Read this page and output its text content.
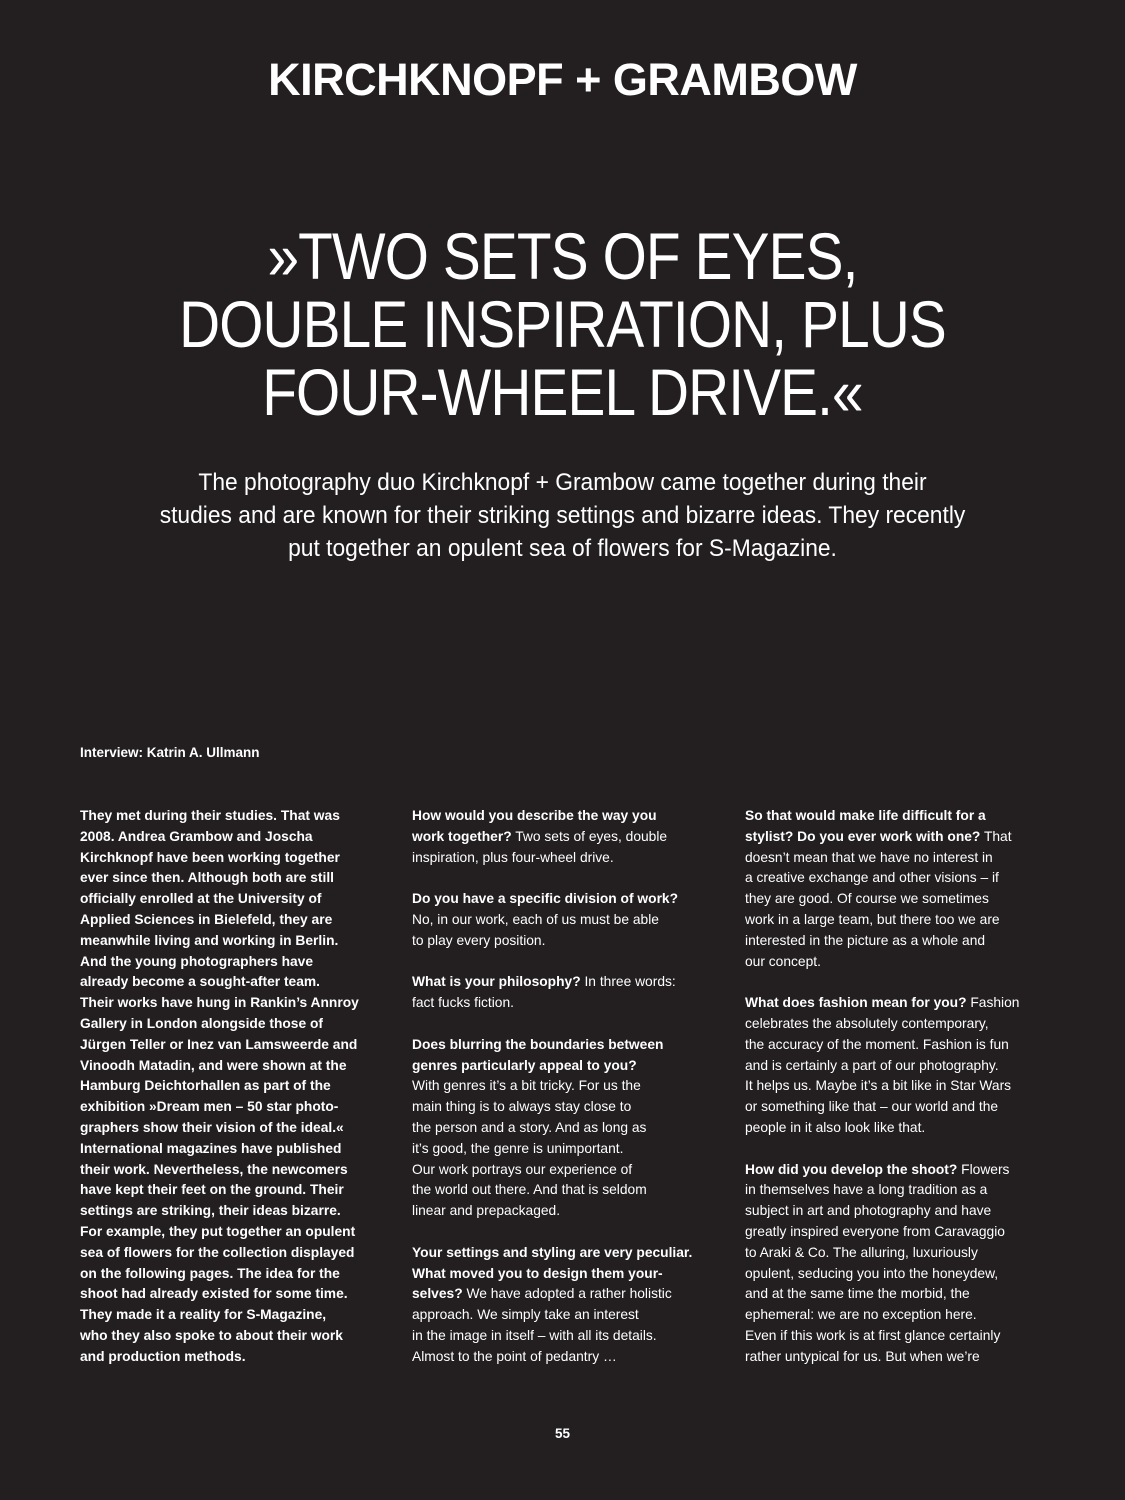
KIRCHKNOPF + GRAMBOW
»TWO SETS OF EYES,
DOUBLE INSPIRATION, PLUS
FOUR-WHEEL DRIVE.«
The photography duo Kirchknopf + Grambow came together during their
studies and are known for their striking settings and bizarre ideas. They recently
put together an opulent sea of flowers for S-Magazine.
Interview: Katrin A. Ullmann

They met during their studies. That was
2008. Andrea Grambow and Joscha
Kirchknopf have been working together
ever since then. Although both are still
officially enrolled at the University of
Applied Sciences in Bielefeld, they are
meanwhile living and working in Berlin.
And the young photographers have
already become a sought-after team.
Their works have hung in Rankin’s Annroy
Gallery in London alongside those of
Jürgen Teller or Inez van Lamsweerde and
Vinoodh Matadin, and were shown at the
Hamburg Deichtorhallen as part of the
exhibition »Dream men – 50 star photo-
graphers show their vision of the ideal.«
International magazines have published
their work. Nevertheless, the newcomers
have kept their feet on the ground. Their
settings are striking, their ideas bizarre.
For example, they put together an opulent
sea of flowers for the collection displayed
on the following pages. The idea for the
shoot had already existed for some time.
They made it a reality for S-Magazine,
who they also spoke to about their work
and production methods.

How would you describe the way you
work together? Two sets of eyes, double
inspiration, plus four-wheel drive.

Do you have a specific division of work?
No, in our work, each of us must be able
to play every position.

What is your philosophy? In three words:
fact fucks fiction.

Does blurring the boundaries between
genres particularly appeal to you?
With genres it’s a bit tricky. For us the
main thing is to always stay close to
the person and a story. And as long as
it’s good, the genre is unimportant.
Our work portrays our experience of
the world out there. And that is seldom
linear and prepackaged.

Your settings and styling are very peculiar.
What moved you to design them your-
selves? We have adopted a rather holistic
approach. We simply take an interest
in the image in itself – with all its details.
Almost to the point of pedantry …

So that would make life difficult for a
stylist? Do you ever work with one? That
doesn’t mean that we have no interest in
a creative exchange and other visions – if
they are good. Of course we sometimes
work in a large team, but there too we are
interested in the picture as a whole and
our concept.

What does fashion mean for you? Fashion
celebrates the absolutely contemporary,
the accuracy of the moment. Fashion is fun
and is certainly a part of our photography.
It helps us. Maybe it’s a bit like in Star Wars
or something like that – our world and the
people in it also look like that.

How did you develop the shoot? Flowers
in themselves have a long tradition as a
subject in art and photography and have
greatly inspired everyone from Caravaggio
to Araki & Co. The alluring, luxuriously
opulent, seducing you into the honeydew,
and at the same time the morbid, the
ephemeral: we are no exception here.
Even if this work is at first glance certainly
rather untypical for us. But when we’re

55
